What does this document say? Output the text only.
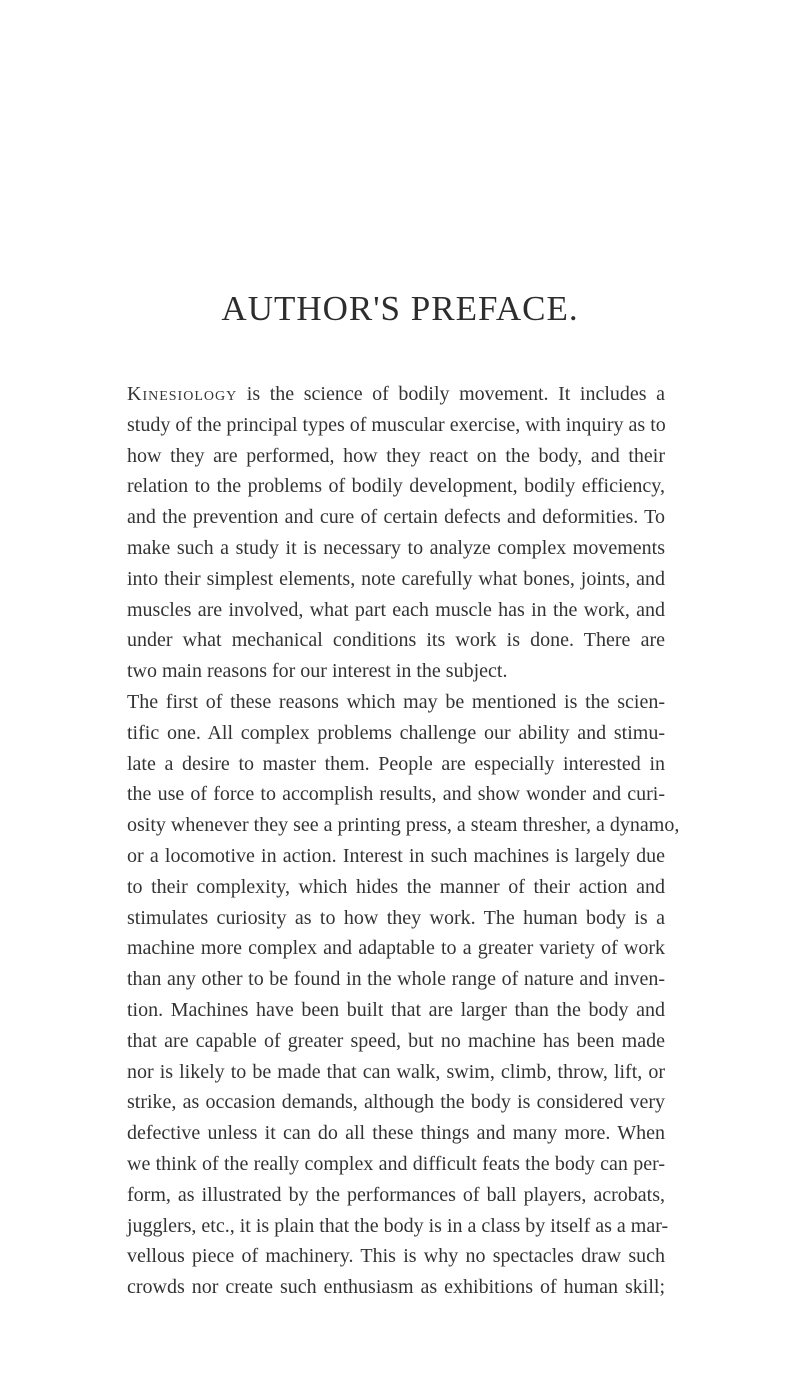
AUTHOR'S PREFACE.
Kinesiology is the science of bodily movement. It includes a
study of the principal types of muscular exercise, with inquiry as to
how they are performed, how they react on the body, and their
relation to the problems of bodily development, bodily efficiency,
and the prevention and cure of certain defects and deformities. To
make such a study it is necessary to analyze complex movements
into their simplest elements, note carefully what bones, joints, and
muscles are involved, what part each muscle has in the work, and
under what mechanical conditions its work is done. There are
two main reasons for our interest in the subject.
The first of these reasons which may be mentioned is the scien-
tific one. All complex problems challenge our ability and stimu-
late a desire to master them. People are especially interested in
the use of force to accomplish results, and show wonder and curi-
osity whenever they see a printing press, a steam thresher, a dynamo,
or a locomotive in action. Interest in such machines is largely due
to their complexity, which hides the manner of their action and
stimulates curiosity as to how they work. The human body is a
machine more complex and adaptable to a greater variety of work
than any other to be found in the whole range of nature and inven-
tion. Machines have been built that are larger than the body and
that are capable of greater speed, but no machine has been made
nor is likely to be made that can walk, swim, climb, throw, lift, or
strike, as occasion demands, although the body is considered very
defective unless it can do all these things and many more. When
we think of the really complex and difficult feats the body can per-
form, as illustrated by the performances of ball players, acrobats,
jugglers, etc., it is plain that the body is in a class by itself as a mar-
vellous piece of machinery. This is why no spectacles draw such
crowds nor create such enthusiasm as exhibitions of human skill;
